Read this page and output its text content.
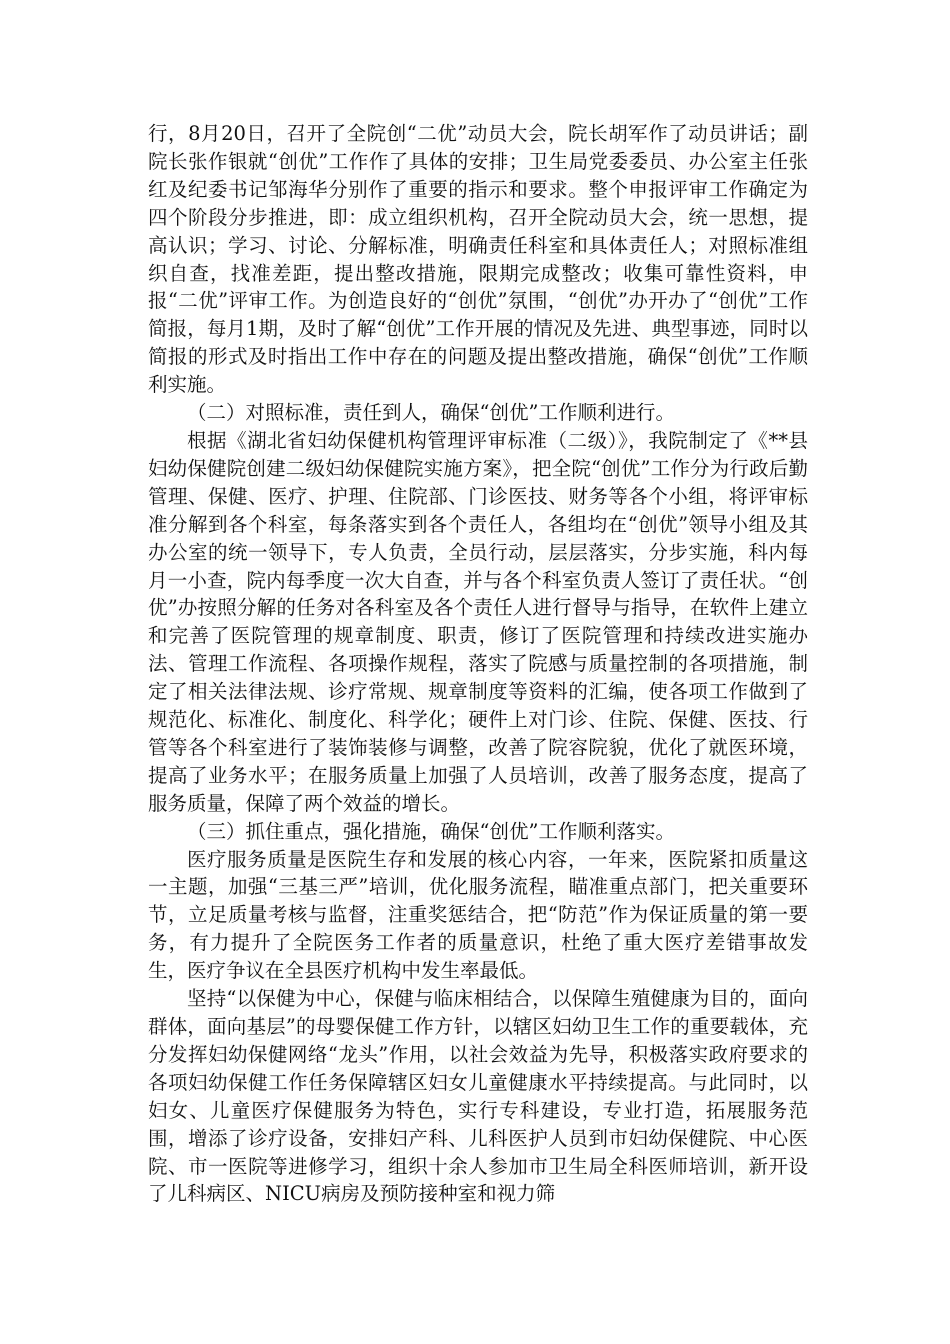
行，8月20日，召开了全院创“二优”动员大会，院长胡军作了动员讲话；副院长张作银就“创优”工作作了具体的安排；卫生局党委委员、办公室主任张红及纪委书记邹海华分别作了重要的指示和要求。整个申报评审工作确定为四个阶段分步推进，即：成立组织机构，召开全院动员大会，统一思想，提高认识；学习、讨论、分解标准，明确责任科室和具体责任人；对照标准组织自查，找准差距，提出整改措施，限期完成整改；收集可靠性资料，申报“二优”评审工作。为创造良好的“创优”氛围，“创优”办开办了“创优”工作简报，每月1期，及时了解“创优”工作开展的情况及先进、典型事迹，同时以简报的形式及时指出工作中存在的问题及提出整改措施，确保“创优”工作顺利实施。

（二）对照标准，责任到人，确保“创优”工作顺利进行。

根据《湖北省妇幼保健机构管理评审标准（二级）》，我院制定了《**县妇幼保健院创建二级妇幼保健院实施方案》，把全院“创优”工作分为行政后勤管理、保健、医疗、护理、住院部、门诊医技、财务等各个小组，将评审标准分解到各个科室，每条落实到各个责任人，各组均在“创优”领导小组及其办公室的统一领导下，专人负责，全员行动，层层落实，分步实施，科内每月一小查，院内每季度一次大自查，并与各个科室负责人签订了责任状。“创优”办按照分解的任务对各科室及各个责任人进行督导与指导，在软件上建立和完善了医院管理的规章制度、职责，修订了医院管理和持续改进实施办法、管理工作流程、各项操作规程，落实了院感与质量控制的各项措施，制定了相关法律法规、诊疗常规、规章制度等资料的汇编，使各项工作做到了规范化、标准化、制度化、科学化；硬件上对门诊、住院、保健、医技、行管等各个科室进行了装饰装修与调整，改善了院容院貌，优化了就医环境，提高了业务水平；在服务质量上加强了人员培训，改善了服务态度，提高了服务质量，保障了两个效益的增长。

（三）抓住重点，强化措施，确保“创优”工作顺利落实。

医疗服务质量是医院生存和发展的核心内容，一年来，医院紧扣质量这一主题，加强“三基三严”培训，优化服务流程，瞄准重点部门，把关重要环节，立足质量考核与监督，注重奖惩结合，把“防范”作为保证质量的第一要务，有力提升了全院医务工作者的质量意识，杜绝了重大医疗差错事故发生，医疗争议在全县医疗机构中发生率最低。

坚持“以保健为中心，保健与临床相结合，以保障生殖健康为目的，面向群体，面向基层”的母婴保健工作方针，以辖区妇幼卫生工作的重要载体，充分发挥妇幼保健网络“龙头”作用，以社会效益为先导，积极落实政府要求的各项妇幼保健工作任务保障辖区妇女儿童健康水平持续提高。与此同时，以妇女、儿童医疗保健服务为特色，实行专科建设，专业打造，拓展服务范围，增添了诊疗设备，安排妇产科、儿科医护人员到市妇幼保健院、中心医院、市一医院等进修学习，组织十余人参加市卫生局全科医师培训，新开设了儿科病区、NICU病房及预防接种室和视力筛
